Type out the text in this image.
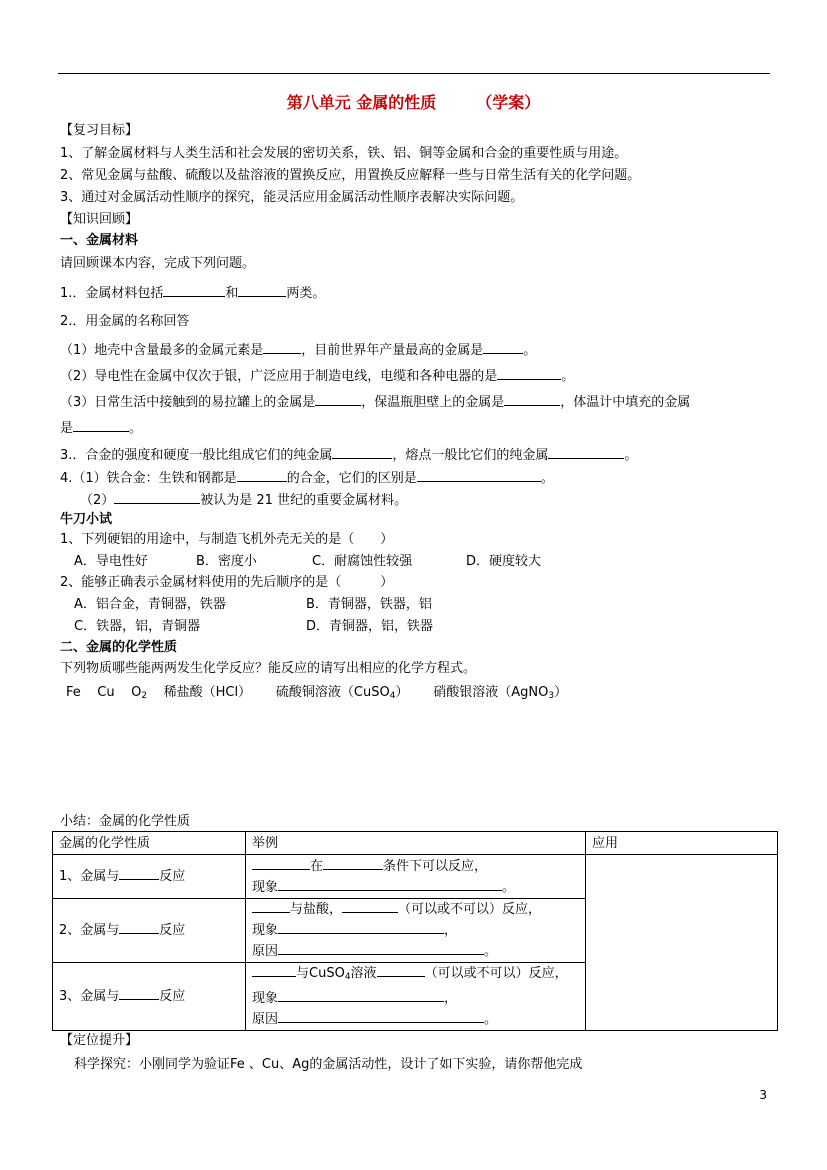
第八单元 金属的性质	（学案）
【复习目标】
1、了解金属材料与人类生活和社会发展的密切关系，铁、铝、铜等金属和合金的重要性质与用途。
2、常见金属与盐酸、硫酸以及盐溶液的置换反应，用置换反应解释一些与日常生活有关的化学问题。
3、通过对金属活动性顺序的探究，能灵活应用金属活动性顺序表解决实际问题。
【知识回顾】
一、金属材料
请回顾课本内容，完成下列问题。
1.．金属材料包括	和	两类。
2.．用金属的名称回答
（1）地壳中含量最多的金属元素是	，目前世界年产量最高的金属是	。
（2）导电性在金属中仅次于银，广泛应用于制造电线，电缆和各种电器的是	。
（3）日常生活中接触到的易拉罐上的金属是	，保温瓶胆壁上的金属是	，体温计中填充的金属
是	。
3.．合金的强度和硬度一般比组成它们的纯金属	，熔点一般比它们的纯金属	。
4.（1）铁合金：生铁和钢都是	的合金，它们的区别是	。
（2）	被认为是 21 世纪的重要金属材料。
牛刀小试
1、下列硬铝的用途中，与制造飞机外壳无关的是（　　）
A．导电性好	B．密度小	C．耐腐蚀性较强	D．硬度较大
2、能够正确表示金属材料使用的先后顺序的是（　　　）
A．铝合金，青铜器，铁器	B．青铜器，铁器，铝
C．铁器，铝，青铜器	D．青铜器，铝，铁器
二、金属的化学性质
下列物质哪些能两两发生化学反应？能反应的请写出相应的化学方程式。
Fe Cu $O_2$ 稀盐酸（HCl） 硫酸铜溶液（CuSO$_4$） 硝酸银溶液（AgNO$_3$）
小结：金属的化学性质
金属的化学性质	举例	应用
1、金属与 反应	在 条件下可以反应，
现象 。	

2、金属与 反应	与盐酸， （可以或不可以）反应，
现象 ，
原因 。	

3、金属与 反应	与CuSO$_4$溶液 （可以或不可以）反应，
现象 ，
原因 。	
【定位提升】
科学探究：小刚同学为验证Fe 、Cu、Ag的金属活动性，设计了如下实验，请你帮他完成
3
